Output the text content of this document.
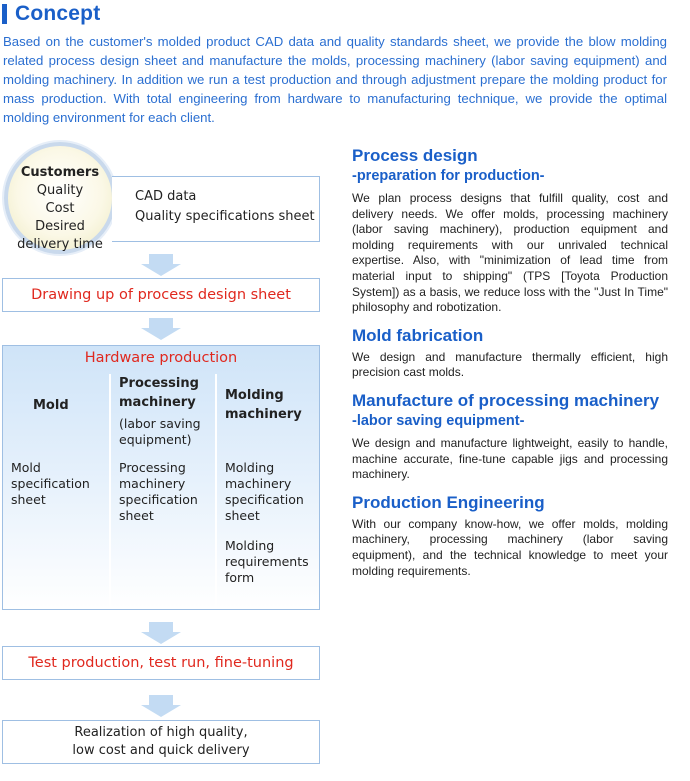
Concept
Based on the customer's molded product CAD data and quality standards sheet, we provide the blow molding related process design sheet and manufacture the molds, processing machinery (labor saving equipment) and molding machinery. In addition we run a test production and through adjustment prepare the molding product for mass production. With total engineering from hardware to manufacturing technique, we provide the optimal molding environment for each client.
Customers
Quality
Cost
Desired
delivery time
CAD data
Quality specifications sheet
Drawing up of process design sheet
Hardware production
Mold
Mold
specification
sheet
Processing
machinery
(labor saving
equipment)
Processing
machinery
specification
sheet
Molding
machinery
Molding
machinery
specification
sheet
Molding
requirements
form
Test production, test run, fine-tuning
Realization of high quality,
low cost and quick delivery
Process design
-preparation for production-
We plan process designs that fulfill quality, cost and delivery needs. We offer molds, processing machinery (labor saving machinery), production equipment and molding requirements with our unrivaled technical expertise. Also, with "minimization of lead time from material input to shipping" (TPS [Toyota Production System]) as a basis, we reduce loss with the "Just In Time" philosophy and robotization.
Mold fabrication
We design and manufacture thermally efficient, high precision cast molds.
Manufacture of processing machinery
-labor saving equipment-
We design and manufacture lightweight, easily to handle, machine accurate, fine-tune capable jigs and processing machinery.
Production Engineering
With our company know-how, we offer molds, molding machinery, processing machinery (labor saving equipment), and the technical knowledge to meet your molding requirements.
